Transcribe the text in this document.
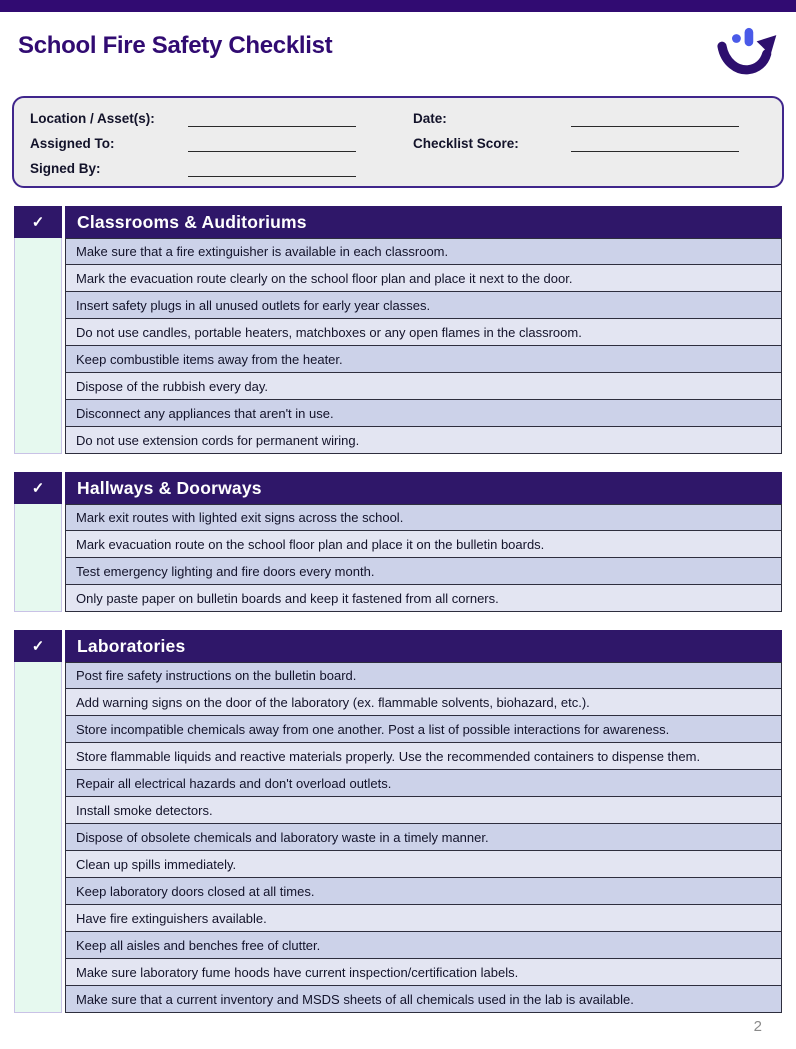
School Fire Safety Checklist
Location / Asset(s):	Date:
Assigned To:	Checklist Score:
Signed By:
✓	Classrooms & Auditoriums
Make sure that a fire extinguisher is available in each classroom.
Mark the evacuation route clearly on the school floor plan and place it next to the door.
Insert safety plugs in all unused outlets for early year classes.
Do not use candles, portable heaters, matchboxes or any open flames in the classroom.
Keep combustible items away from the heater.
Dispose of the rubbish every day.
Disconnect any appliances that aren't in use.
Do not use extension cords for permanent wiring.
✓	Hallways & Doorways
Mark exit routes with lighted exit signs across the school.
Mark evacuation route on the school floor plan and place it on the bulletin boards.
Test emergency lighting and fire doors every month.
Only paste paper on bulletin boards and keep it fastened from all corners.
✓	Laboratories
Post fire safety instructions on the bulletin board.
Add warning signs on the door of the laboratory (ex. flammable solvents, biohazard, etc.).
Store incompatible chemicals away from one another. Post a list of possible interactions for awareness.
Store flammable liquids and reactive materials properly. Use the recommended containers to dispense them.
Repair all electrical hazards and don't overload outlets.
Install smoke detectors.
Dispose of obsolete chemicals and laboratory waste in a timely manner.
Clean up spills immediately.
Keep laboratory doors closed at all times.
Have fire extinguishers available.
Keep all aisles and benches free of clutter.
Make sure laboratory fume hoods have current inspection/certification labels.
Make sure that a current inventory and MSDS sheets of all chemicals used in the lab is available.
2
